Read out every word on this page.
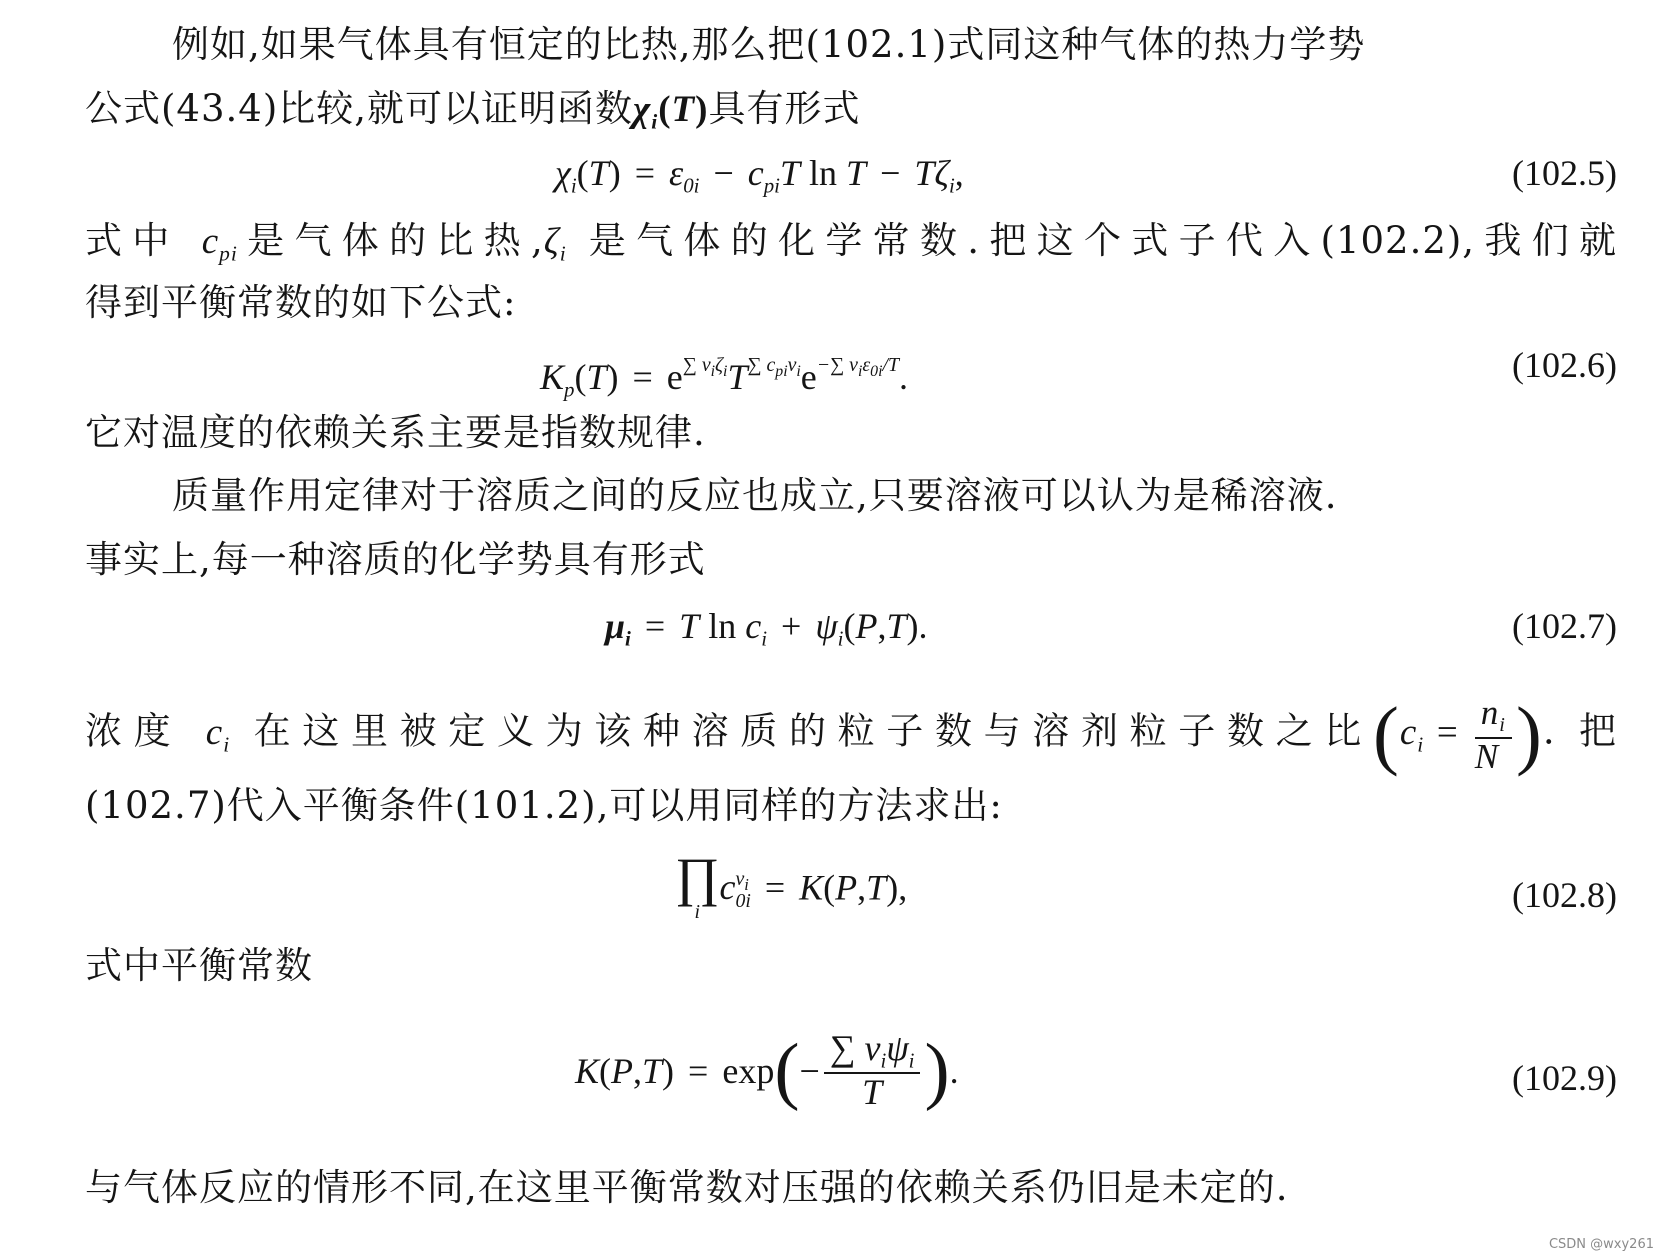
例如,如果气体具有恒定的比热,那么把(102.1)式同这种气体的热力学势
公式(43.4)比较,就可以证明函数$\chi_i(T)$具有形式
$\chi_i(T) = \varepsilon_{0i} - c_{pi}T$ $\ln T - T\zeta_i$,	(102.5)
式中 $c_{pi}$是气体的比热$,\zeta_i$ 是气体的化学常数.把这个式子代入(102.2),我们就
得到平衡常数的如下公式:
$K_p(T) = e^{\sum \nu_i\zeta_i}T^{\sum c_{pi}\nu_i}e^{-\sum \nu_i\varepsilon_{0i}/T}$.	(102.6)
它对温度的依赖关系主要是指数规律.
质量作用定律对于溶质之间的反应也成立,只要溶液可以认为是稀溶液.
事实上,每一种溶质的化学势具有形式
$\mu_i = T$ $\ln c_i + \psi_i(P,T)$.	(102.7)
浓度 $c_i$ 在这里被定义为该种溶质的粒子数与溶剂粒子数之比($c_i = \frac{n_i}{N}$ ). 把
(102.7)代入平衡条件(101.2),可以用同样的方法求出:
∏
i
c $\nu_i$
0i = K(P,T),	(102.8)
式中平衡常数
$K(P,T) = \exp(- \frac{\sum \nu_i\psi_i}{T}$ ).	(102.9)
与气体反应的情形不同,在这里平衡常数对压强的依赖关系仍旧是未定的.
CSDN @wxy261
